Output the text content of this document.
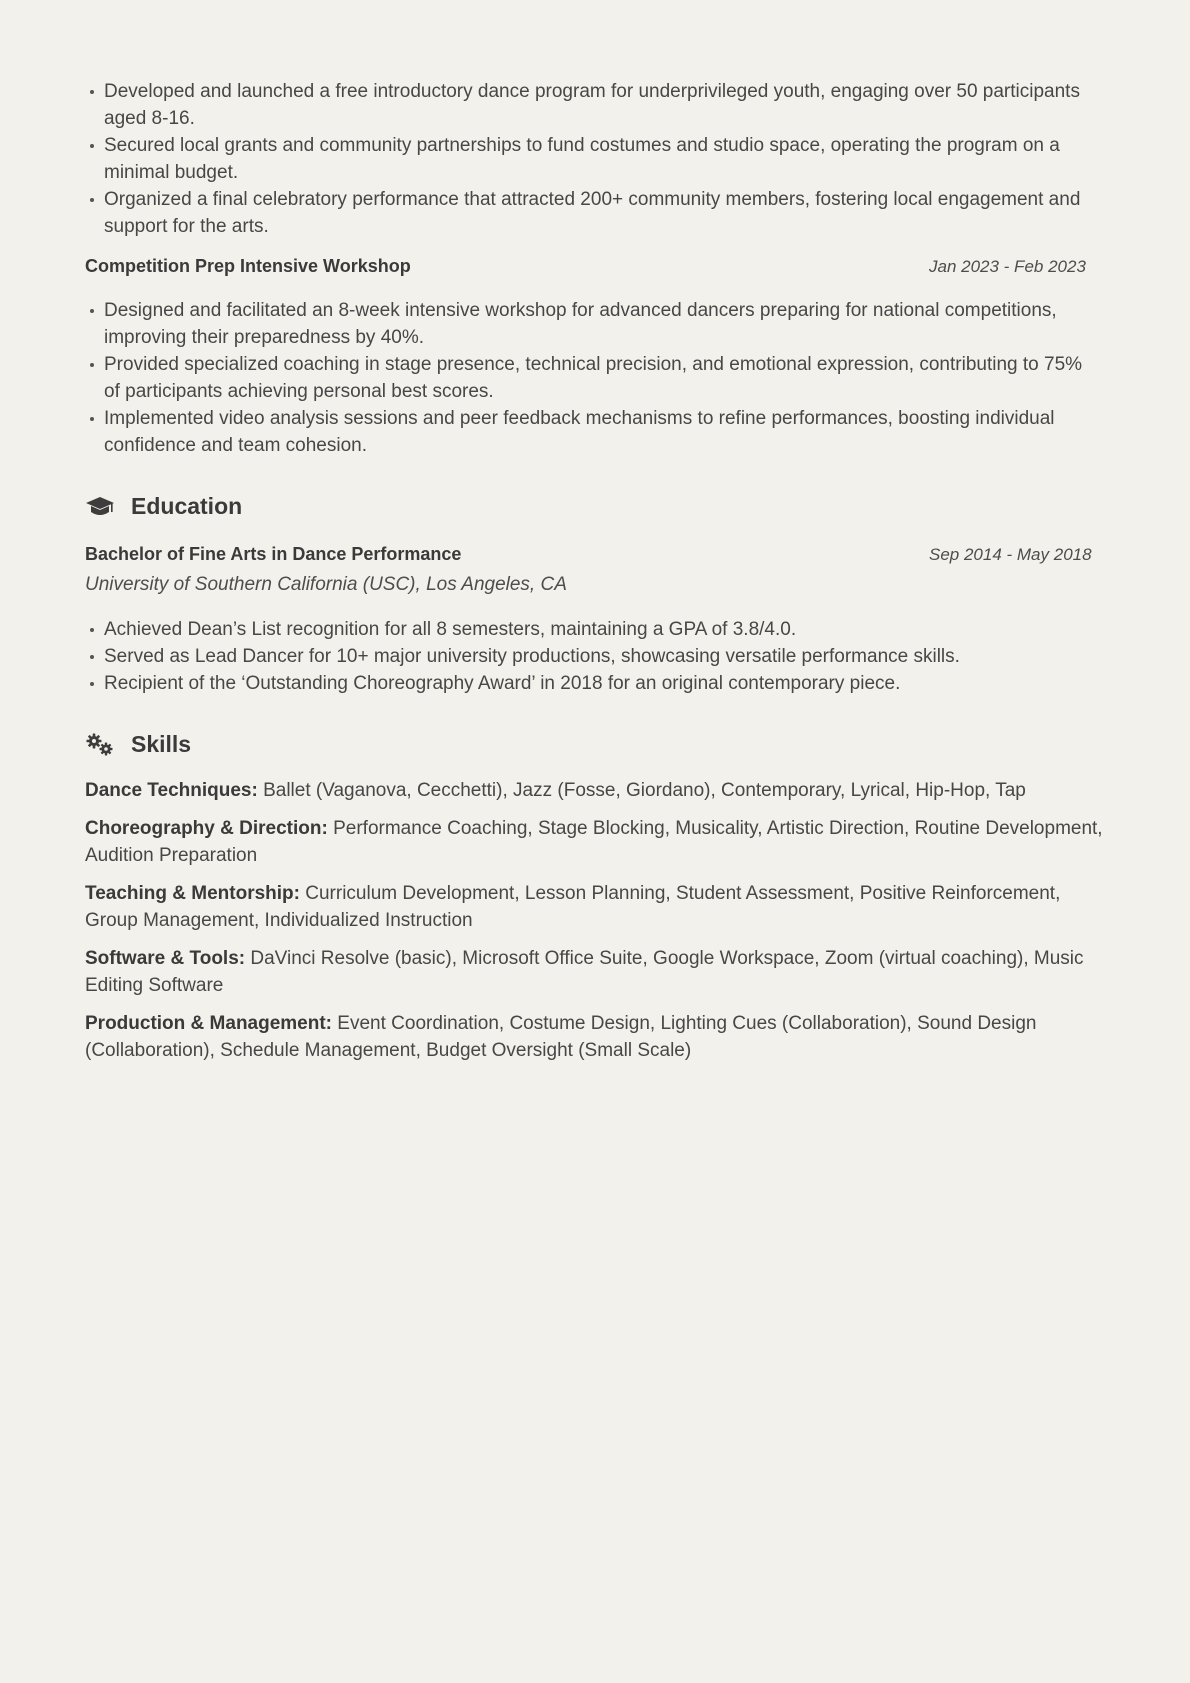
Developed and launched a free introductory dance program for underprivileged youth, engaging over 50 participants aged 8-16.
Secured local grants and community partnerships to fund costumes and studio space, operating the program on a minimal budget.
Organized a final celebratory performance that attracted 200+ community members, fostering local engagement and support for the arts.
Competition Prep Intensive Workshop	Jan 2023 - Feb 2023
Designed and facilitated an 8-week intensive workshop for advanced dancers preparing for national competitions, improving their preparedness by 40%.
Provided specialized coaching in stage presence, technical precision, and emotional expression, contributing to 75% of participants achieving personal best scores.
Implemented video analysis sessions and peer feedback mechanisms to refine performances, boosting individual confidence and team cohesion.
Education
Bachelor of Fine Arts in Dance Performance	Sep 2014 - May 2018
University of Southern California (USC), Los Angeles, CA
Achieved Dean’s List recognition for all 8 semesters, maintaining a GPA of 3.8/4.0.
Served as Lead Dancer for 10+ major university productions, showcasing versatile performance skills.
Recipient of the ‘Outstanding Choreography Award’ in 2018 for an original contemporary piece.
Skills
Dance Techniques: Ballet (Vaganova, Cecchetti), Jazz (Fosse, Giordano), Contemporary, Lyrical, Hip-Hop, Tap
Choreography & Direction: Performance Coaching, Stage Blocking, Musicality, Artistic Direction, Routine Development, Audition Preparation
Teaching & Mentorship: Curriculum Development, Lesson Planning, Student Assessment, Positive Reinforcement, Group Management, Individualized Instruction
Software & Tools: DaVinci Resolve (basic), Microsoft Office Suite, Google Workspace, Zoom (virtual coaching), Music Editing Software
Production & Management: Event Coordination, Costume Design, Lighting Cues (Collaboration), Sound Design (Collaboration), Schedule Management, Budget Oversight (Small Scale)
